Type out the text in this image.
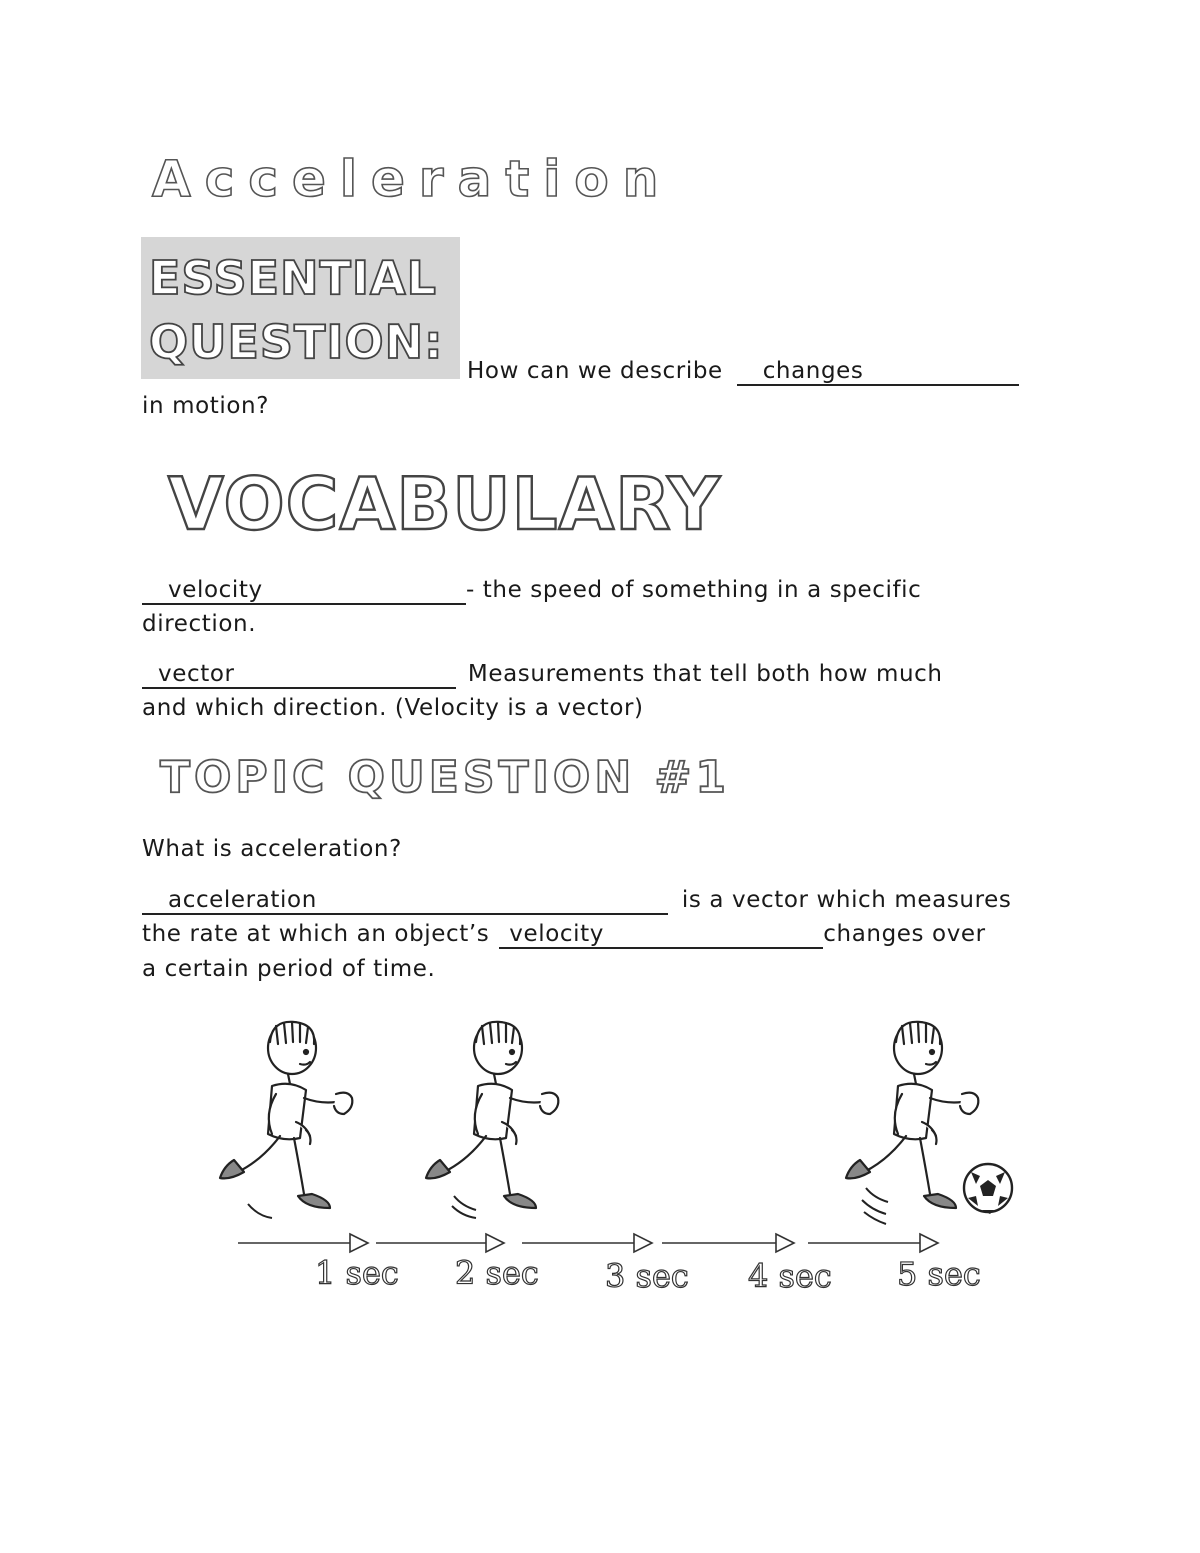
Acceleration
ESSENTIAL
QUESTION:
How can we describe changes
in motion?
VOCABULARY
velocity	- the speed of something in a specific
direction.
vector	Measurements that tell both how much
and which direction. (Velocity is a vector)
TOPIC QUESTION #1
What is acceleration?
acceleration	is a vector which measures
the rate at which an object’s velocity	changes over
a certain period of time.
1 sec 2 sec 3 sec 4 sec 5 sec
